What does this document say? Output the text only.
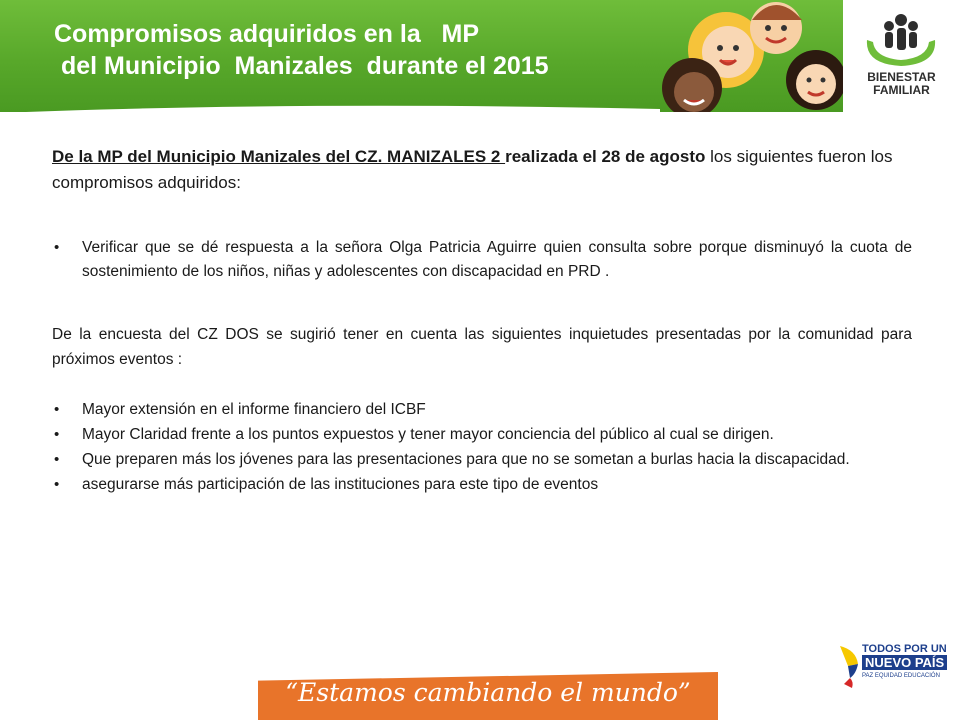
Compromisos adquiridos en la   MP
del Municipio  Manizales  durante el 2015	BIENESTAR
FAMILIAR
De la MP del Municipio Manizales del CZ. MANIZALES 2 realizada el 28 de agosto los siguientes fueron los compromisos adquiridos:
• Verificar que se dé respuesta a la señora Olga Patricia Aguirre quien consulta sobre porque disminuyó la cuota de sostenimiento de los niños, niñas y adolescentes con discapacidad en PRD .
De la encuesta del CZ DOS se sugirió tener en cuenta las siguientes inquietudes presentadas por la comunidad para próximos eventos :
• Mayor extensión en el informe financiero del ICBF
• Mayor Claridad frente a los puntos expuestos y tener mayor conciencia del público al cual se dirigen.
• Que preparen más los jóvenes para las presentaciones para que no se sometan a burlas hacia la discapacidad.
• asegurarse más participación de las instituciones para este tipo de eventos
“Estamos cambiando el mundo”
TODOS POR UN
NUEVO PAÍS
PAZ EQUIDAD EDUCACIÓN
